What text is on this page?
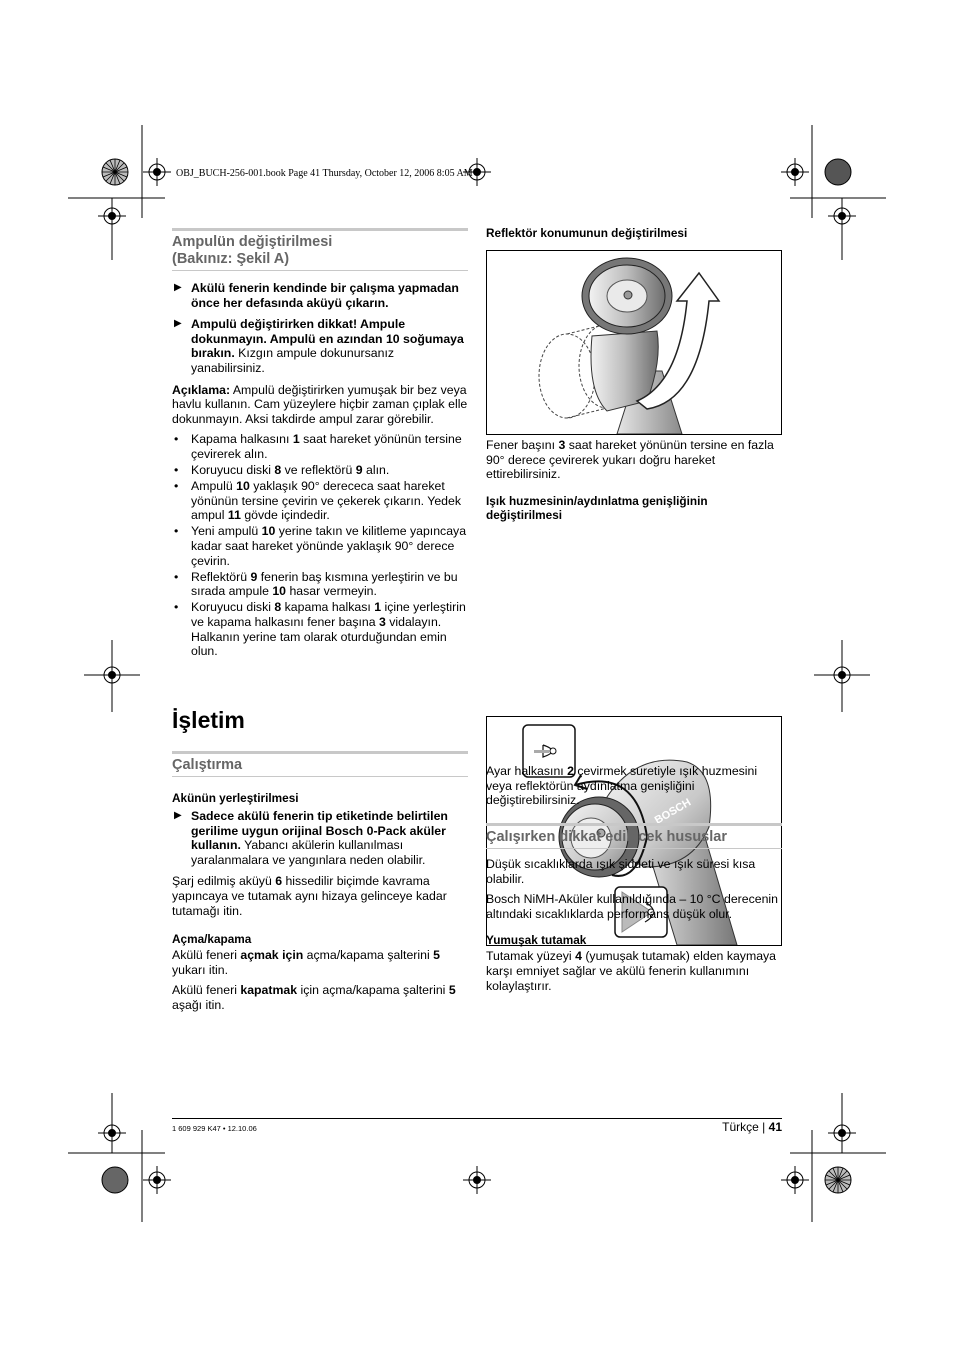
OBJ_BUCH-256-001.book Page 41 Thursday, October 12, 2006 8:05 AM
Ampulün değiştirilmesi
(Bakınız: Şekil A)
▶ Akülü fenerin kendinde bir çalışma yapmadan önce her defasında aküyü çıkarın.
▶ Ampulü değiştirirken dikkat! Ampule dokunmayın. Ampulü en azından 10 soğumaya bırakın. Kızgın ampule dokunursanız yanabilirsiniz.

Açıklama: Ampulü değiştirirken yumuşak bir bez veya havlu kullanın. Cam yüzeylere hiçbir zaman çıplak elle dokunmayın. Aksi takdirde ampul zarar görebilir.

• Kapama halkasını 1 saat hareket yönünün tersine çevirerek alın.
• Koruyucu diski 8 ve reflektörü 9 alın.
• Ampulü 10 yaklaşık 90° derececa saat hareket yönünün tersine çevirin ve çekerek çıkarın. Yedek ampul 11 gövde içindedir.
• Yeni ampulü 10 yerine takın ve kilitleme yapıncaya kadar saat hareket yönünde yaklaşık 90° derece çevirin.
• Reflektörü 9 fenerin baş kısmına yerleştirin ve bu sırada ampule 10 hasar vermeyin.
• Koruyucu diski 8 kapama halkası 1 içine yerleştirin ve kapama halkasını fener başına 3 vidalayın. Halkanın yerine tam olarak oturduğundan emin olun.
İşletim
Çalıştırma
Akünün yerleştirilmesi
▶ Sadece akülü fenerin tip etiketinde belirtilen gerilime uygun orijinal Bosch 0-Pack aküler kullanın. Yabancı akülerin kullanılması yaralanmalara ve yangınlara neden olabilir.

Şarj edilmiş aküyü 6 hissedilir biçimde kavrama yapıncaya ve tutamak aynı hizaya gelinceye kadar tutamağı itin.

Açma/kapama

Akülü feneri açmak için açma/kapama şalterini 5 yukarı itin.

Akülü feneri kapatmak için açma/kapama şalterini 5 aşağı itin.

Reflektör konumunun değiştirilmesi

Fener başını 3 saat hareket yönünün tersine en fazla 90° derece çevirerek yukarı doğru hareket ettirebilirsiniz.

Işık huzmesinin/aydınlatma genişliğinin değiştirilmesi
BOSCH

Ayar halkasını 2 çevirmek suretiyle ışık huzmesini veya reflektörün aydınlatma genişliğini değiştirebilirsiniz.

Çalışırken dikkat edilecek hususlar

Düşük sıcaklıklarda ışık şiddeti ve ışık süresi kısa olabilir.

Bosch NiMH-Aküler kullanıldığında – 10 °C derecenin altındaki sıcaklıklarda performans düşük olur.

Yumuşak tutamak

Tutamak yüzeyi 4 (yumuşak tutamak) elden kaymaya karşı emniyet sağlar ve akülü fenerin kullanımını kolaylaştırır.

1 609 929 K47 • 12.10.06	Türkçe | 41
